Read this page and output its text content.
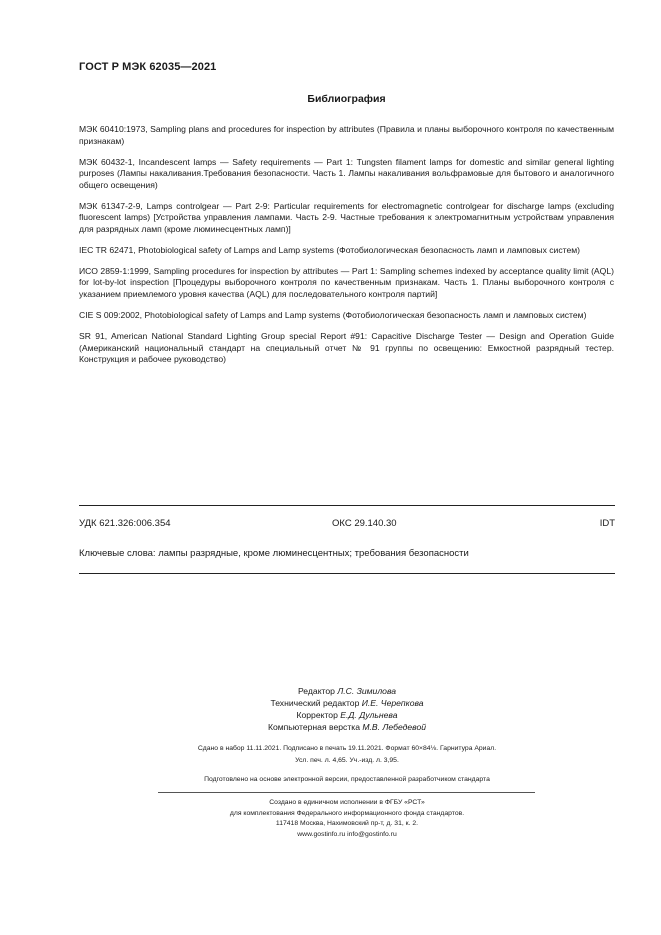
ГОСТ Р МЭК 62035—2021
Библиография
МЭК 60410:1973, Sampling plans and procedures for inspection by attributes (Правила и планы выборочного контроля по качественным признакам)
МЭК 60432-1, Incandescent lamps — Safety requirements — Part 1: Tungsten filament lamps for domestic and similar general lighting purposes (Лампы накаливания.Требования безопасности. Часть 1. Лампы накаливания вольфрамовые для бытового и аналогичного общего освещения)
МЭК 61347-2-9, Lamps controlgear — Part 2-9: Particular requirements for electromagnetic controlgear for discharge lamps (excluding fluorescent lamps) [Устройства управления лампами. Часть 2-9. Частные требования к электромагнитным устройствам управления для разрядных ламп (кроме люминесцентных ламп)]
IEC TR 62471, Photobiological safety of Lamps and Lamp systems (Фотобиологическая безопасность ламп и ламповых систем)
ИСО 2859-1:1999, Sampling procedures for inspection by attributes — Part 1: Sampling schemes indexed by acceptance quality limit (AQL) for lot-by-lot inspection [Процедуры выборочного контроля по качественным признакам. Часть 1. Планы выборочного контроля с указанием приемлемого уровня качества (AQL) для последовательного контроля партий]
CIE S 009:2002, Photobiological safety of Lamps and Lamp systems (Фотобиологическая безопасность ламп и ламповых систем)
SR 91, American National Standard Lighting Group special Report #91: Capacitive Discharge Tester — Design and Operation Guide (Американский национальный стандарт на специальный отчет № 91 группы по освещению: Емкостной разрядный тестер. Конструкция и рабочее руководство)
УДК 621.326:006.354	ОКС 29.140.30	IDT
Ключевые слова: лампы разрядные, кроме люминесцентных; требования безопасности
Редактор Л.С. Зимилова
Технический редактор И.Е. Черепкова
Корректор Е.Д. Дульнева
Компьютерная верстка М.В. Лебедевой
Сдано в набор 11.11.2021. Подписано в печать 19.11.2021. Формат 60×84⅛. Гарнитура Ариал.
Усл. печ. л. 4,65. Уч.-изд. л. 3,95.
Подготовлено на основе электронной версии, предоставленной разработчиком стандарта
Создано в единичном исполнении в ФГБУ «РСТ»
для комплектования Федерального информационного фонда стандартов.
117418 Москва, Нахимовский пр-т, д. 31, к. 2.
www.gostinfo.ru info@gostinfo.ru
